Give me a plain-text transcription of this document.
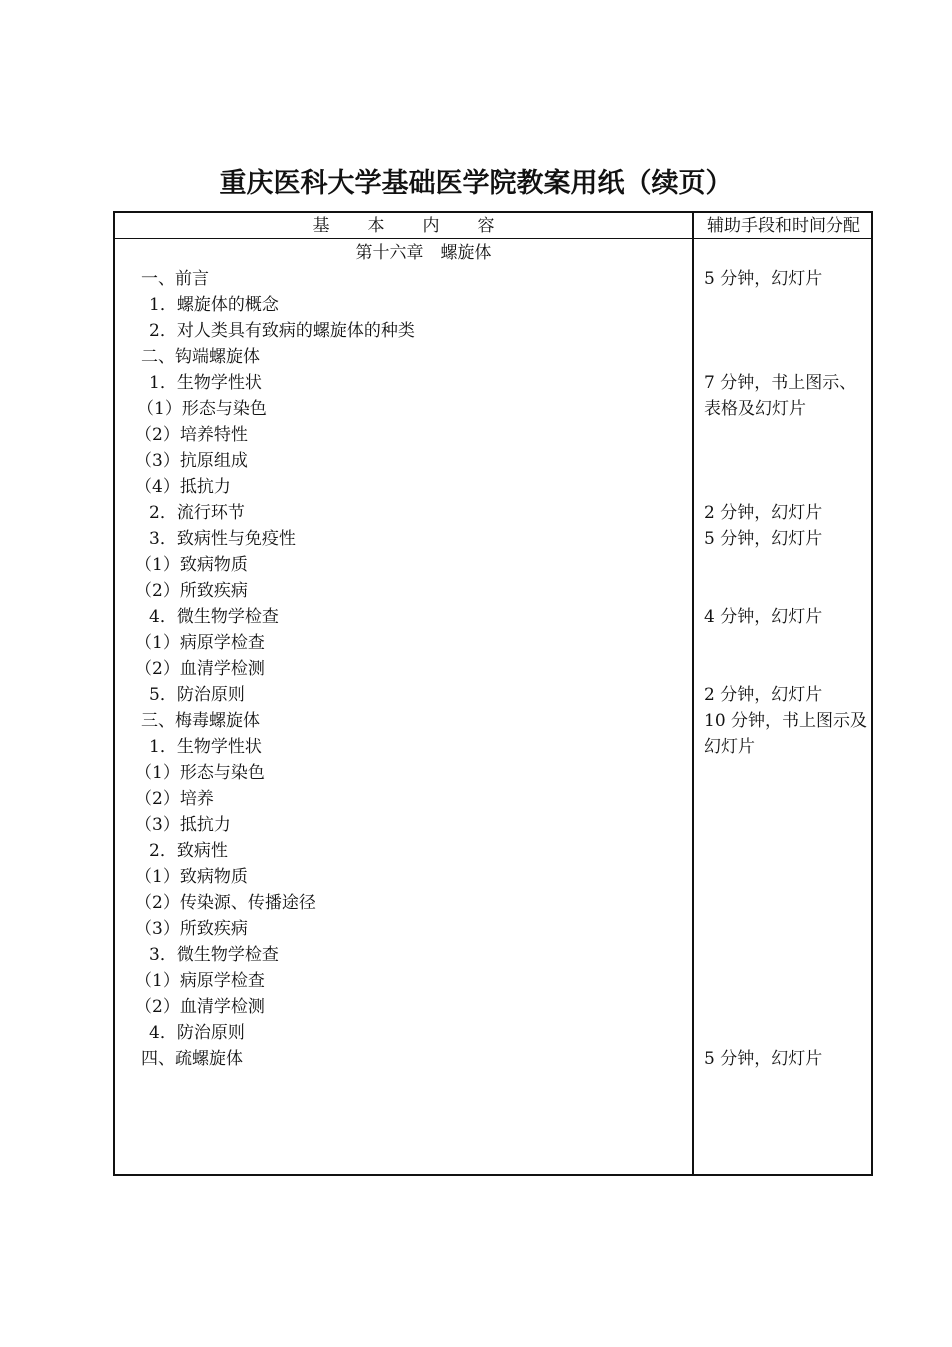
重庆医科大学基础医学院教案用纸（续页）
基 本 内 容	辅助手段和时间分配
第十六章　螺旋体
一、前言
1．螺旋体的概念
2．对人类具有致病的螺旋体的种类
二、钩端螺旋体
1．生物学性状
（1）形态与染色
（2）培养特性
（3）抗原组成
（4）抵抗力
2．流行环节
3．致病性与免疫性
（1）致病物质
（2）所致疾病
4．微生物学检查
（1）病原学检查
（2）血清学检测
5．防治原则
三、梅毒螺旋体
1．生物学性状
（1）形态与染色
（2）培养
（3）抵抗力
2．致病性
（1）致病物质
（2）传染源、传播途径
（3）所致疾病
3．微生物学检查
（1）病原学检查
（2）血清学检测
4．防治原则
四、疏螺旋体
5 分钟，幻灯片
7 分钟，书上图示、表格及幻灯片
2 分钟，幻灯片
5 分钟，幻灯片
4 分钟，幻灯片
2 分钟，幻灯片
10 分钟，书上图示及幻灯片
5 分钟，幻灯片
